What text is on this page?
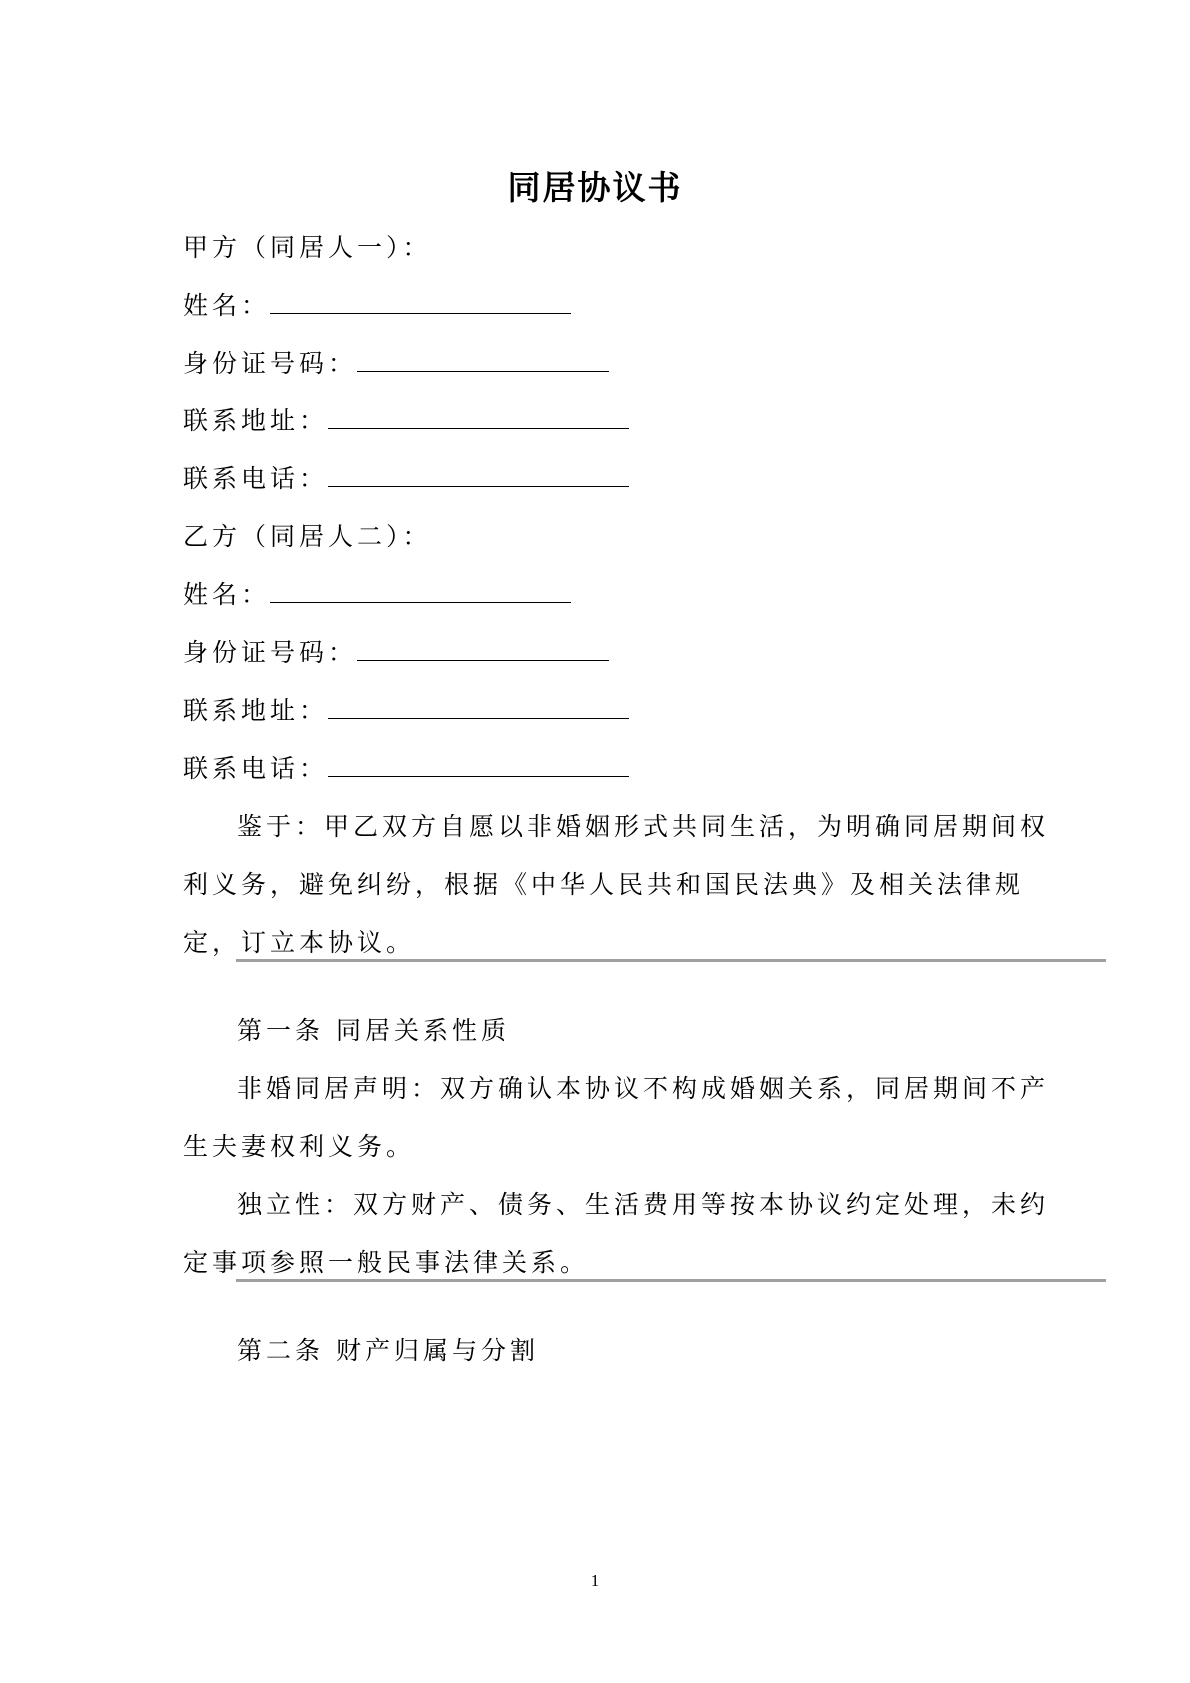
同居协议书
甲方（同居人一）：
姓名：
身份证号码：
联系地址：
联系电话：
乙方（同居人二）：
姓名：
身份证号码：
联系地址：
联系电话：
鉴于：甲乙双方自愿以非婚姻形式共同生活，为明确同居期间权
利义务，避免纠纷，根据《中华人民共和国民法典》及相关法律规
定，订立本协议。
第一条 同居关系性质
非婚同居声明：双方确认本协议不构成婚姻关系，同居期间不产
生夫妻权利义务。
独立性：双方财产、债务、生活费用等按本协议约定处理，未约
定事项参照一般民事法律关系。
第二条 财产归属与分割
1
